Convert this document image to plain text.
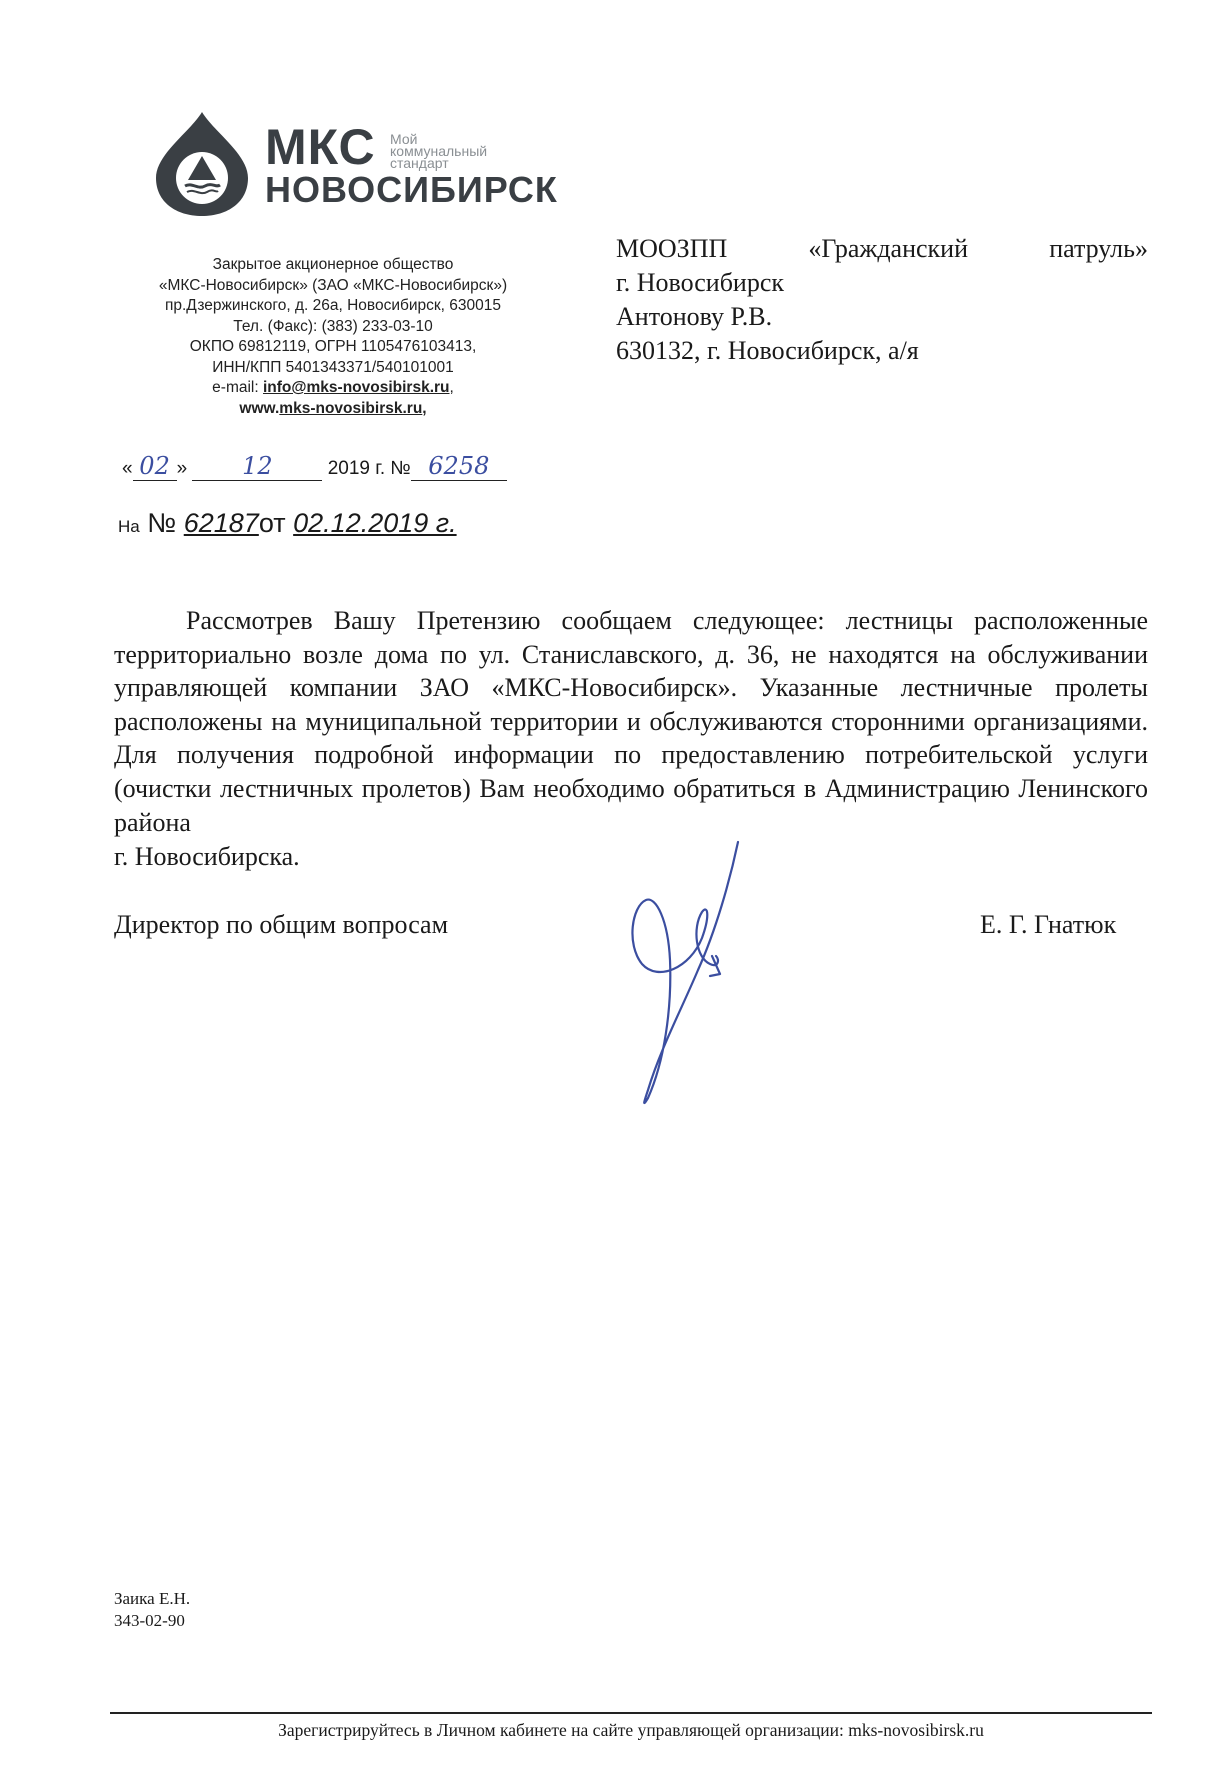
МКС Мой
коммунальный
стандарт
НОВОСИБИРСК
Закрытое акционерное общество
«МКС-Новосибирск» (ЗАО «МКС-Новосибирск»)
пр.Дзержинского, д. 26а, Новосибирск, 630015
Тел. (Факс): (383) 233-03-10
ОКПО 69812119, ОГРН 1105476103413,
ИНН/КПП 5401343371/540101001
e-mail: info@mks-novosibirsk.ru,
www.mks-novosibirsk.ru,
МООЗПП	«Гражданский	патруль»
г. Новосибирск
Антонову Р.В.
630132, г. Новосибирск, а/я
« 02 » 12	2019 г. № 6258
На № 62187от 02.12.2019 г.
Рассмотрев Вашу Претензию сообщаем следующее: лестницы расположенные территориально возле дома по ул. Станиславского, д. 36, не находятся на обслуживании управляющей компании ЗАО «МКС-Новосибирск». Указанные лестничные пролеты расположены на муниципальной территории и обслуживаются сторонними организациями. Для получения подробной информации по предоставлению потребительской услуги (очистки лестничных пролетов) Вам необходимо обратиться в Администрацию Ленинского района
г. Новосибирска.
Директор по общим вопросам	Е. Г. Гнатюк
Заика Е.Н.
343-02-90
Зарегистрируйтесь в Личном кабинете на сайте управляющей организации: mks-novosibirsk.ru
